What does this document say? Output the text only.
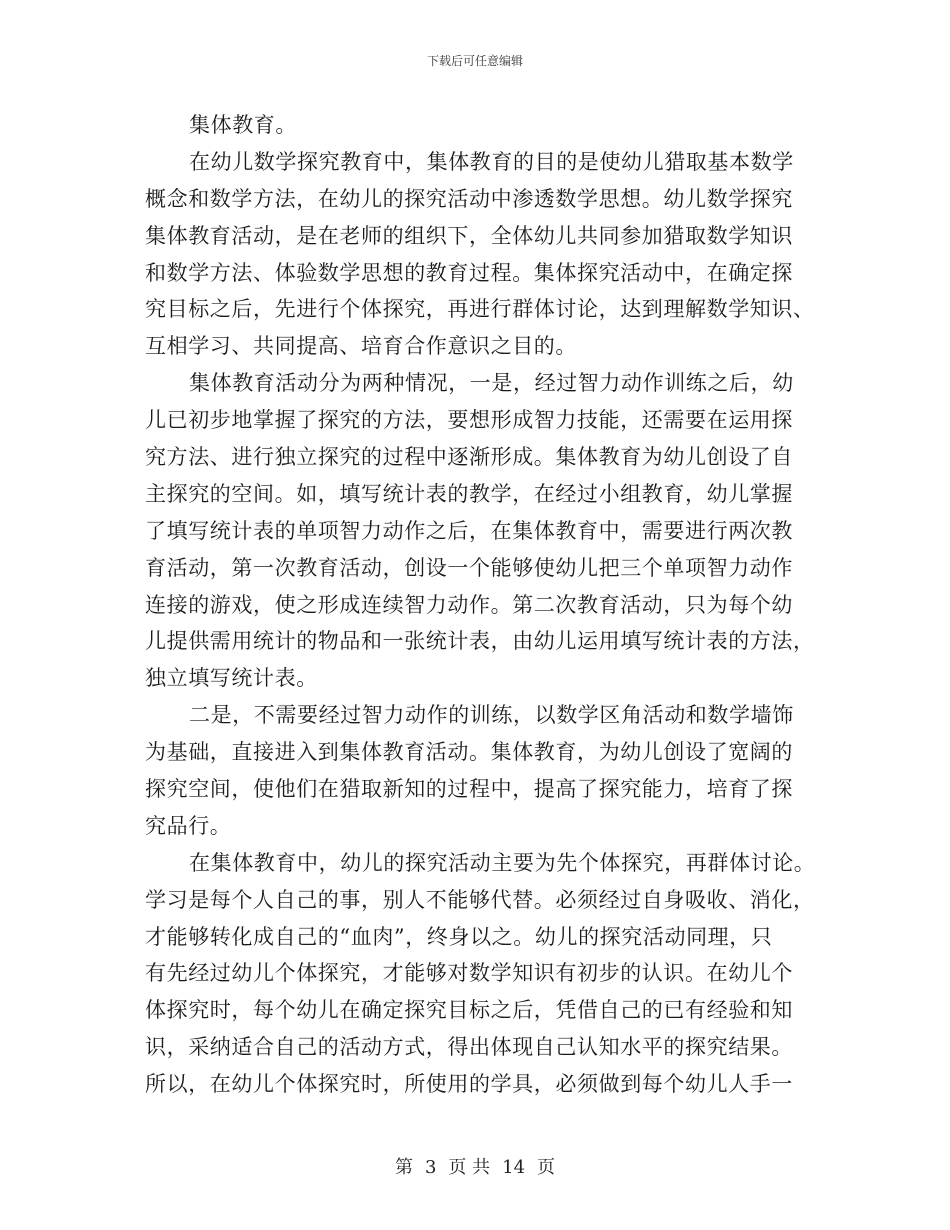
下载后可任意编辑
集体教育。
在幼儿数学探究教育中，集体教育的目的是使幼儿猎取基本数学
概念和数学方法，在幼儿的探究活动中渗透数学思想。幼儿数学探究
集体教育活动，是在老师的组织下，全体幼儿共同参加猎取数学知识
和数学方法、体验数学思想的教育过程。集体探究活动中，在确定探
究目标之后，先进行个体探究，再进行群体讨论，达到理解数学知识、
互相学习、共同提高、培育合作意识之目的。
集体教育活动分为两种情况，一是，经过智力动作训练之后，幼
儿已初步地掌握了探究的方法，要想形成智力技能，还需要在运用探
究方法、进行独立探究的过程中逐渐形成。集体教育为幼儿创设了自
主探究的空间。如，填写统计表的教学，在经过小组教育，幼儿掌握
了填写统计表的单项智力动作之后，在集体教育中，需要进行两次教
育活动，第一次教育活动，创设一个能够使幼儿把三个单项智力动作
连接的游戏，使之形成连续智力动作。第二次教育活动，只为每个幼
儿提供需用统计的物品和一张统计表，由幼儿运用填写统计表的方法，
独立填写统计表。
二是，不需要经过智力动作的训练，以数学区角活动和数学墙饰
为基础，直接进入到集体教育活动。集体教育，为幼儿创设了宽阔的
探究空间，使他们在猎取新知的过程中，提高了探究能力，培育了探
究品行。
在集体教育中，幼儿的探究活动主要为先个体探究，再群体讨论。
学习是每个人自己的事，别人不能够代替。必须经过自身吸收、消化，
才能够转化成自己的“血肉”，终身以之。幼儿的探究活动同理，只
有先经过幼儿个体探究，才能够对数学知识有初步的认识。在幼儿个
体探究时，每个幼儿在确定探究目标之后，凭借自己的已有经验和知
识，采纳适合自己的活动方式，得出体现自己认知水平的探究结果。
所以，在幼儿个体探究时，所使用的学具，必须做到每个幼儿人手一
第 3 页 共 14 页
